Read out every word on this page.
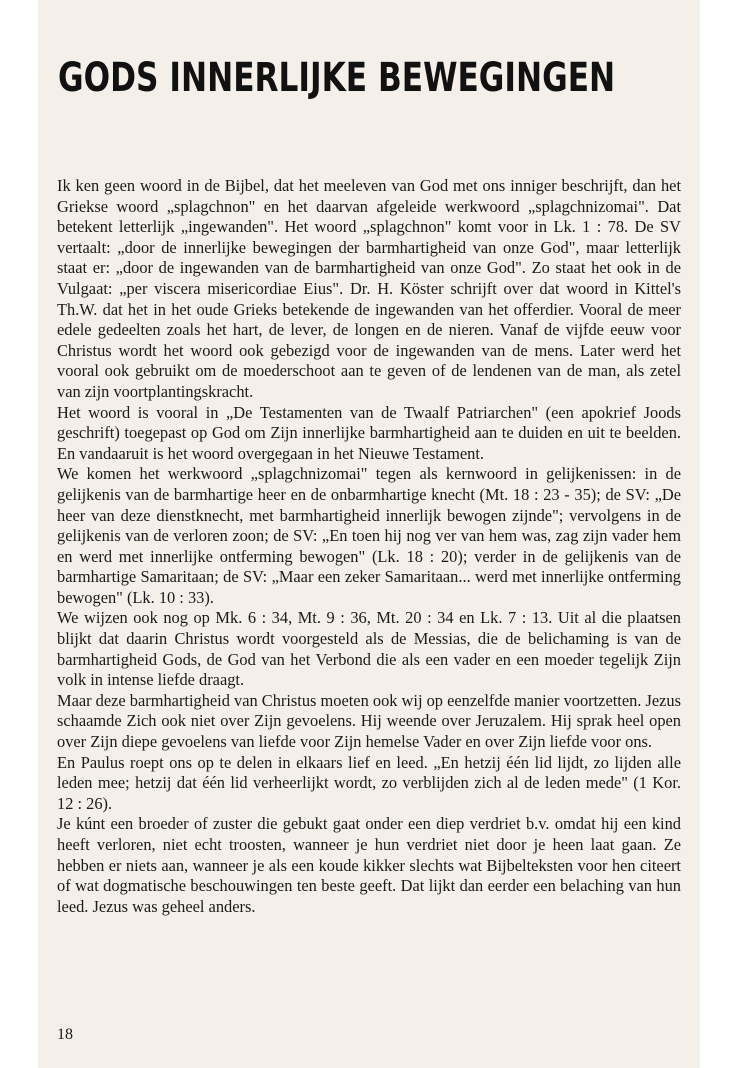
GODS INNERLIJKE BEWEGINGEN

Ik ken geen woord in de Bijbel, dat het meeleven van God met ons inniger beschrijft, dan het Griekse woord „splagchnon" en het daarvan afgeleide werkwoord „splagchnizomai". Dat betekent letterlijk „ingewanden". Het woord „splagchnon" komt voor in Lk. 1 : 78. De SV vertaalt: „door de innerlijke bewegingen der barmhartigheid van onze God", maar letterlijk staat er: „door de ingewanden van de barmhartigheid van onze God". Zo staat het ook in de Vulgaat: „per viscera misericordiae Eius". Dr. H. Köster schrijft over dat woord in Kittel's Th.W. dat het in het oude Grieks betekende de ingewanden van het offerdier. Vooral de meer edele gedeelten zoals het hart, de lever, de longen en de nieren. Vanaf de vijfde eeuw voor Christus wordt het woord ook gebezigd voor de ingewanden van de mens. Later werd het vooral ook gebruikt om de moederschoot aan te geven of de lendenen van de man, als zetel van zijn voortplantingskracht.

Het woord is vooral in „De Testamenten van de Twaalf Patriarchen" (een apokrief Joods geschrift) toegepast op God om Zijn innerlijke barmhartigheid aan te duiden en uit te beelden. En vandaaruit is het woord overgegaan in het Nieuwe Testament.

We komen het werkwoord „splagchnizomai" tegen als kernwoord in gelijkenissen: in de gelijkenis van de barmhartige heer en de onbarmhartige knecht (Mt. 18 : 23 - 35); de SV: „De heer van deze dienstknecht, met barmhartigheid innerlijk bewogen zijnde"; vervolgens in de gelijkenis van de verloren zoon; de SV: „En toen hij nog ver van hem was, zag zijn vader hem en werd met innerlijke ontferming bewogen" (Lk. 18 : 20); verder in de gelijkenis van de barmhartige Samaritaan; de SV: „Maar een zeker Samaritaan... werd met innerlijke ontferming bewogen" (Lk. 10 : 33).

We wijzen ook nog op Mk. 6 : 34, Mt. 9 : 36, Mt. 20 : 34 en Lk. 7 : 13. Uit al die plaatsen blijkt dat daarin Christus wordt voorgesteld als de Messias, die de belichaming is van de barmhartigheid Gods, de God van het Verbond die als een vader en een moeder tegelijk Zijn volk in intense liefde draagt.

Maar deze barmhartigheid van Christus moeten ook wij op eenzelfde manier voortzetten. Jezus schaamde Zich ook niet over Zijn gevoelens. Hij weende over Jeruzalem. Hij sprak heel open over Zijn diepe gevoelens van liefde voor Zijn hemelse Vader en over Zijn liefde voor ons.

En Paulus roept ons op te delen in elkaars lief en leed. „En hetzij één lid lijdt, zo lijden alle leden mee; hetzij dat één lid verheerlijkt wordt, zo verblijden zich al de leden mede" (1 Kor. 12 : 26).

Je kúnt een broeder of zuster die gebukt gaat onder een diep verdriet b.v. omdat hij een kind heeft verloren, niet echt troosten, wanneer je hun verdriet niet door je heen laat gaan. Ze hebben er niets aan, wanneer je als een koude kikker slechts wat Bijbelteksten voor hen citeert of wat dogmatische beschouwingen ten beste geeft. Dat lijkt dan eerder een belaching van hun leed. Jezus was geheel anders.

18
